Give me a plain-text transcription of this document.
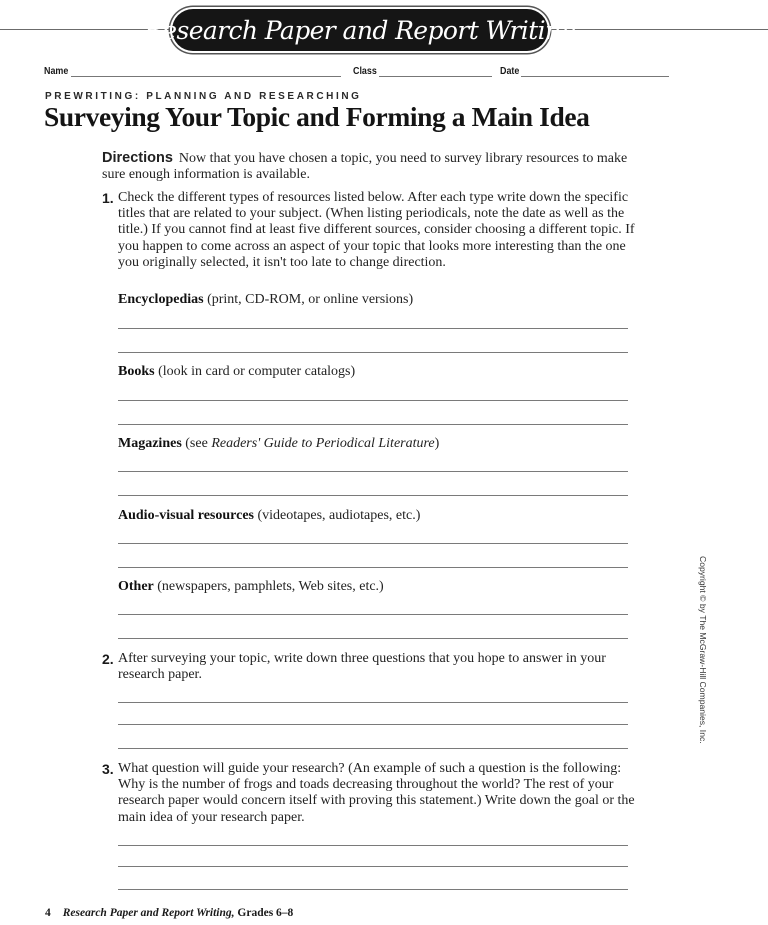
Research Paper and Report Writing
Name	Class	Date
PREWRITING: PLANNING AND RESEARCHING
Surveying Your Topic and Forming a Main Idea
Directions Now that you have chosen a topic, you need to survey library resources to make sure enough information is available.
1. Check the different types of resources listed below. After each type write down the specific titles that are related to your subject. (When listing periodicals, note the date as well as the title.) If you cannot find at least five different sources, consider choosing a different topic. If you happen to come across an aspect of your topic that looks more interesting than the one you originally selected, it isn't too late to change direction.
Encyclopedias (print, CD-ROM, or online versions)
Books (look in card or computer catalogs)
Magazines (see Readers' Guide to Periodical Literature)
Audio-visual resources (videotapes, audiotapes, etc.)
Other (newspapers, pamphlets, Web sites, etc.)
2. After surveying your topic, write down three questions that you hope to answer in your research paper.
3. What question will guide your research? (An example of such a question is the following: Why is the number of frogs and toads decreasing throughout the world? The rest of your research paper would concern itself with proving this statement.) Write down the goal or the main idea of your research paper.
Copyright © by The McGraw-Hill Companies, Inc.
4 Research Paper and Report Writing, Grades 6–8
